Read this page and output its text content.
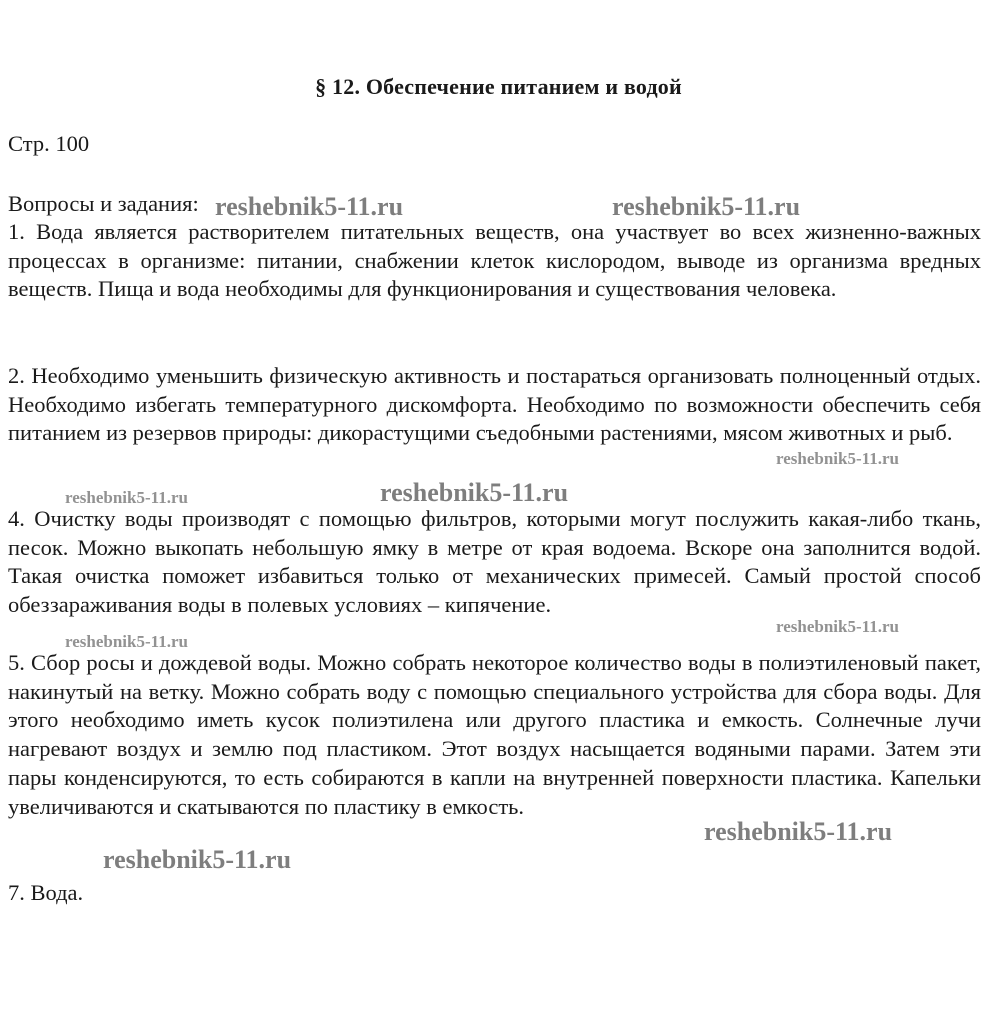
§ 12. Обеспечение питанием и водой
Стр. 100
Вопросы и задания:
1. Вода является растворителем питательных веществ, она участвует во всех жизненно-важных процессах в организме: питании, снабжении клеток кислородом, выводе из организма вредных веществ. Пища и вода необходимы для функционирования и существования человека.
2. Необходимо уменьшить физическую активность и постараться организовать полноценный отдых. Необходимо избегать температурного дискомфорта. Необходимо по возможности обеспечить себя питанием из резервов природы: дикорастущими съедобными растениями, мясом животных и рыб.
4. Очистку воды производят с помощью фильтров, которыми могут послужить какая-либо ткань, песок. Можно выкопать небольшую ямку в метре от края водоема. Вскоре она заполнится водой. Такая очистка поможет избавиться только от механических примесей. Самый простой способ обеззараживания воды в полевых условиях – кипячение.
5. Сбор росы и дождевой воды. Можно собрать некоторое количество воды в полиэтиленовый пакет, накинутый на ветку. Можно собрать воду с помощью специального устройства для сбора воды. Для этого необходимо иметь кусок полиэтилена или другого пластика и емкость. Солнечные лучи нагревают воздух и землю под пластиком. Этот воздух насыщается водяными парами. Затем эти пары конденсируются, то есть собираются в капли на внутренней поверхности пластика. Капельки увеличиваются и скатываются по пластику в емкость.
7. Вода.
reshebnik5-11.ru	reshebnik5-11.ru
reshebnik5-11.ru
reshebnik5-11.ru
reshebnik5-11.ru
reshebnik5-11.ru
reshebnik5-11.ru
reshebnik5-11.ru
reshebnik5-11.ru
